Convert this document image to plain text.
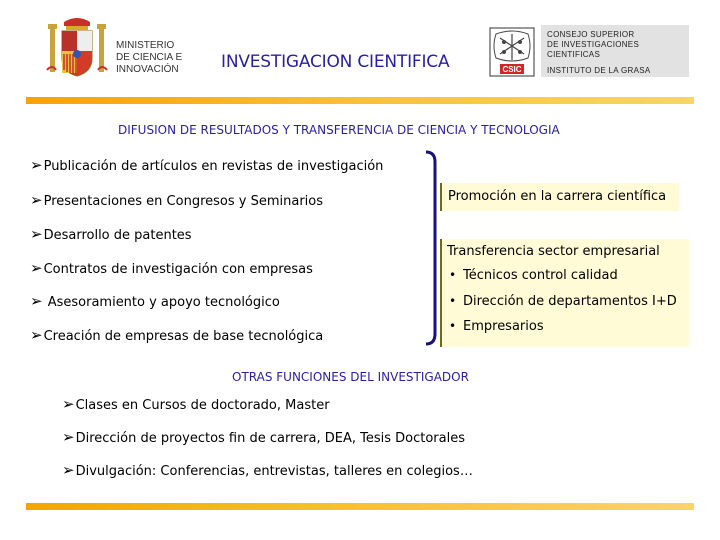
MINISTERIO
DE CIENCIA E
INNOVACIÓN INVESTIGACION CIENTIFICA	CSIC
CONSEJO SUPERIOR
DE INVESTIGACIONES
CIENTIFICAS
INSTITUTO DE LA GRASA
DIFUSION DE RESULTADOS Y TRANSFERENCIA DE CIENCIA Y TECNOLOGIA
➢Publicación de artículos en revistas de investigación
➢Presentaciones en Congresos y Seminarios
➢Desarrollo de patentes
➢Contratos de investigación con empresas
➢ Asesoramiento y apoyo tecnológico
➢Creación de empresas de base tecnológica
Promoción en la carrera científica
Transferencia sector empresarial
• Técnicos control calidad
• Dirección de departamentos I+D
• Empresarios
OTRAS FUNCIONES DEL INVESTIGADOR
➢Clases en Cursos de doctorado, Master
➢Dirección de proyectos fin de carrera, DEA, Tesis Doctorales
➢Divulgación: Conferencias, entrevistas, talleres en colegios…
